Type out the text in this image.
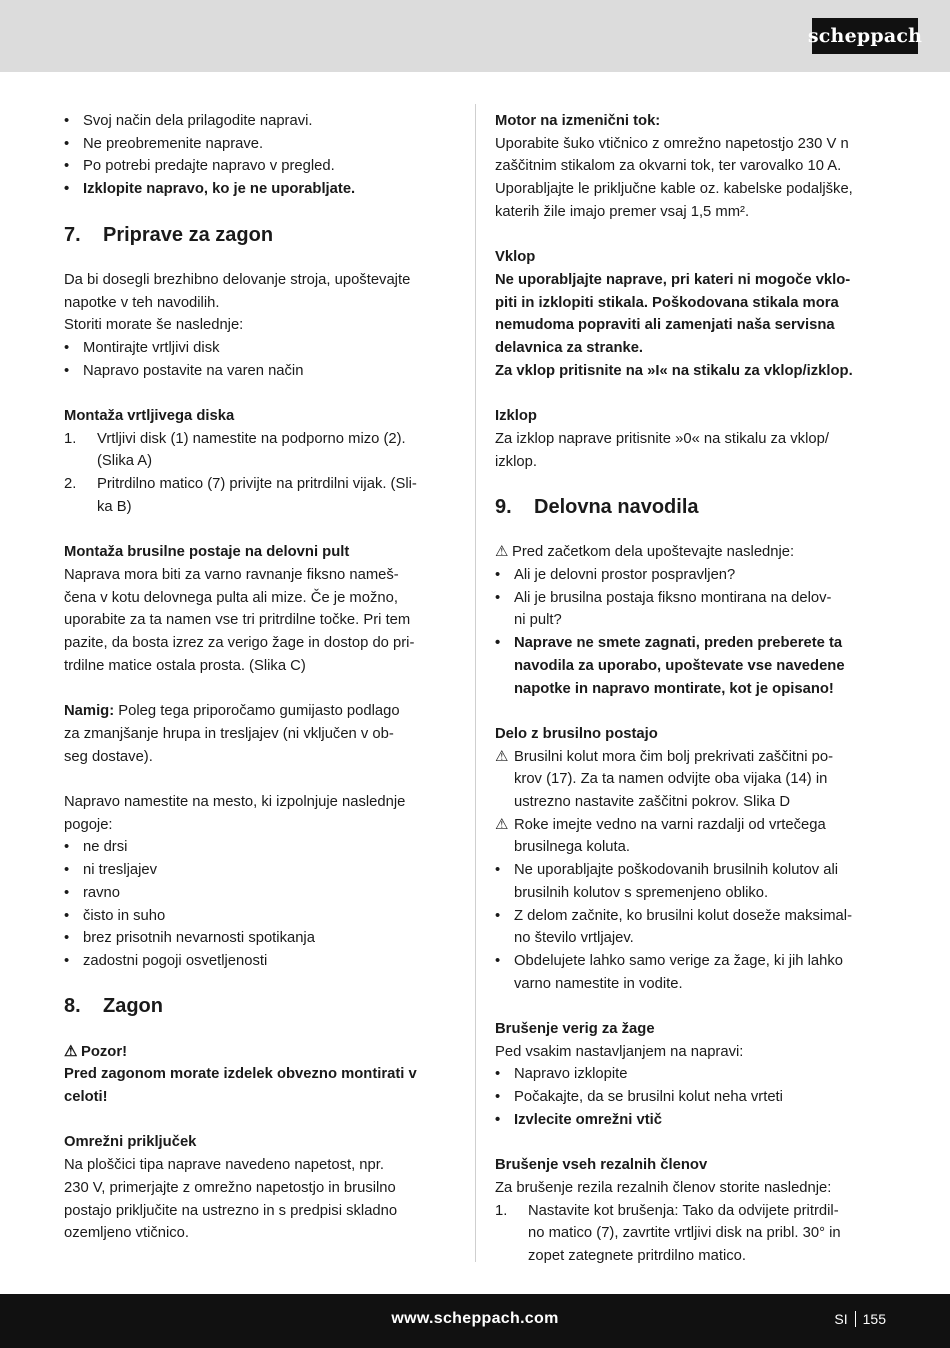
scheppach
• Svoj način dela prilagodite napravi.
• Ne preobremenite naprave.
• Po potrebi predajte napravo v pregled.
• Izklopite napravo, ko je ne uporabljate.
7.	Priprave za zagon
Da bi dosegli brezhibno delovanje stroja, upoštevajte
napotke v teh navodilih.
Storiti morate še naslednje:
• Montirajte vrtljivi disk
• Napravo postavite na varen način
Montaža vrtljivega diska
1. Vrtljivi disk (1) namestite na podporno mizo (2).
(Slika A)
2. Pritrdilno matico (7) privijte na pritrdilni vijak. (Sli-
ka B)
Montaža brusilne postaje na delovni pult
Naprava mora biti za varno ravnanje fiksno nameš-
čena v kotu delovnega pulta ali mize. Če je možno,
uporabite za ta namen vse tri pritrdilne točke. Pri tem
pazite, da bosta izrez za verigo žage in dostop do pri-
trdilne matice ostala prosta. (Slika C)
Namig: Poleg tega priporočamo gumijasto podlago
za zmanjšanje hrupa in tresljajev (ni vključen v ob-
seg dostave).
Napravo namestite na mesto, ki izpolnjuje naslednje
pogoje:
• ne drsi
• ni tresljajev
• ravno
• čisto in suho
• brez prisotnih nevarnosti spotikanja
• zadostni pogoji osvetljenosti
8.	Zagon
⚠ Pozor!
Pred zagonom morate izdelek obvezno montirati v
celoti!
Omrežni priključek
Na ploščici tipa naprave navedeno napetost, npr.
230 V, primerjajte z omrežno napetostjo in brusilno
postajo priključite na ustrezno in s predpisi skladno
ozemljeno vtičnico.
Motor na izmenični tok:
Uporabite šuko vtičnico z omrežno napetostjo 230 V n
zaščitnim stikalom za okvarni tok, ter varovalko 10 A.
Uporabljajte le priključne kable oz. kabelske podaljške,
katerih žile imajo premer vsaj 1,5 mm².
Vklop
Ne uporabljajte naprave, pri kateri ni mogoče vklo-
piti in izklopiti stikala. Poškodovana stikala mora
nemudoma popraviti ali zamenjati naša servisna
delavnica za stranke.
Za vklop pritisnite na »I« na stikalu za vklop/izklop.
Izklop
Za izklop naprave pritisnite »0« na stikalu za vklop/
izklop.
9.	Delovna navodila
⚠ Pred začetkom dela upoštevajte naslednje:
• Ali je delovni prostor pospravljen?
• Ali je brusilna postaja fiksno montirana na delov-
ni pult?
• Naprave ne smete zagnati, preden preberete ta
navodila za uporabo, upoštevate vse navedene
napotke in napravo montirate, kot je opisano!
Delo z brusilno postajo
⚠ Brusilni kolut mora čim bolj prekrivati zaščitni po-
krov (17). Za ta namen odvijte oba vijaka (14) in
ustrezno nastavite zaščitni pokrov. Slika D
⚠ Roke imejte vedno na varni razdalji od vrtečega
brusilnega koluta.
• Ne uporabljajte poškodovanih brusilnih kolutov ali
brusilnih kolutov s spremenjeno obliko.
• Z delom začnite, ko brusilni kolut doseže maksimal-
no število vrtljajev.
• Obdelujete lahko samo verige za žage, ki jih lahko
varno namestite in vodite.
Brušenje verig za žage
Ped vsakim nastavljanjem na napravi:
• Napravo izklopite
• Počakajte, da se brusilni kolut neha vrteti
• Izvlecite omrežni vtič
Brušenje vseh rezalnih členov
Za brušenje rezila rezalnih členov storite naslednje:
1. Nastavite kot brušenja: Tako da odvijete pritrdil-
no matico (7), zavrtite vrtljivi disk na pribl. 30° in
zopet zategnete pritrdilno matico.
www.scheppach.com	SI 155
